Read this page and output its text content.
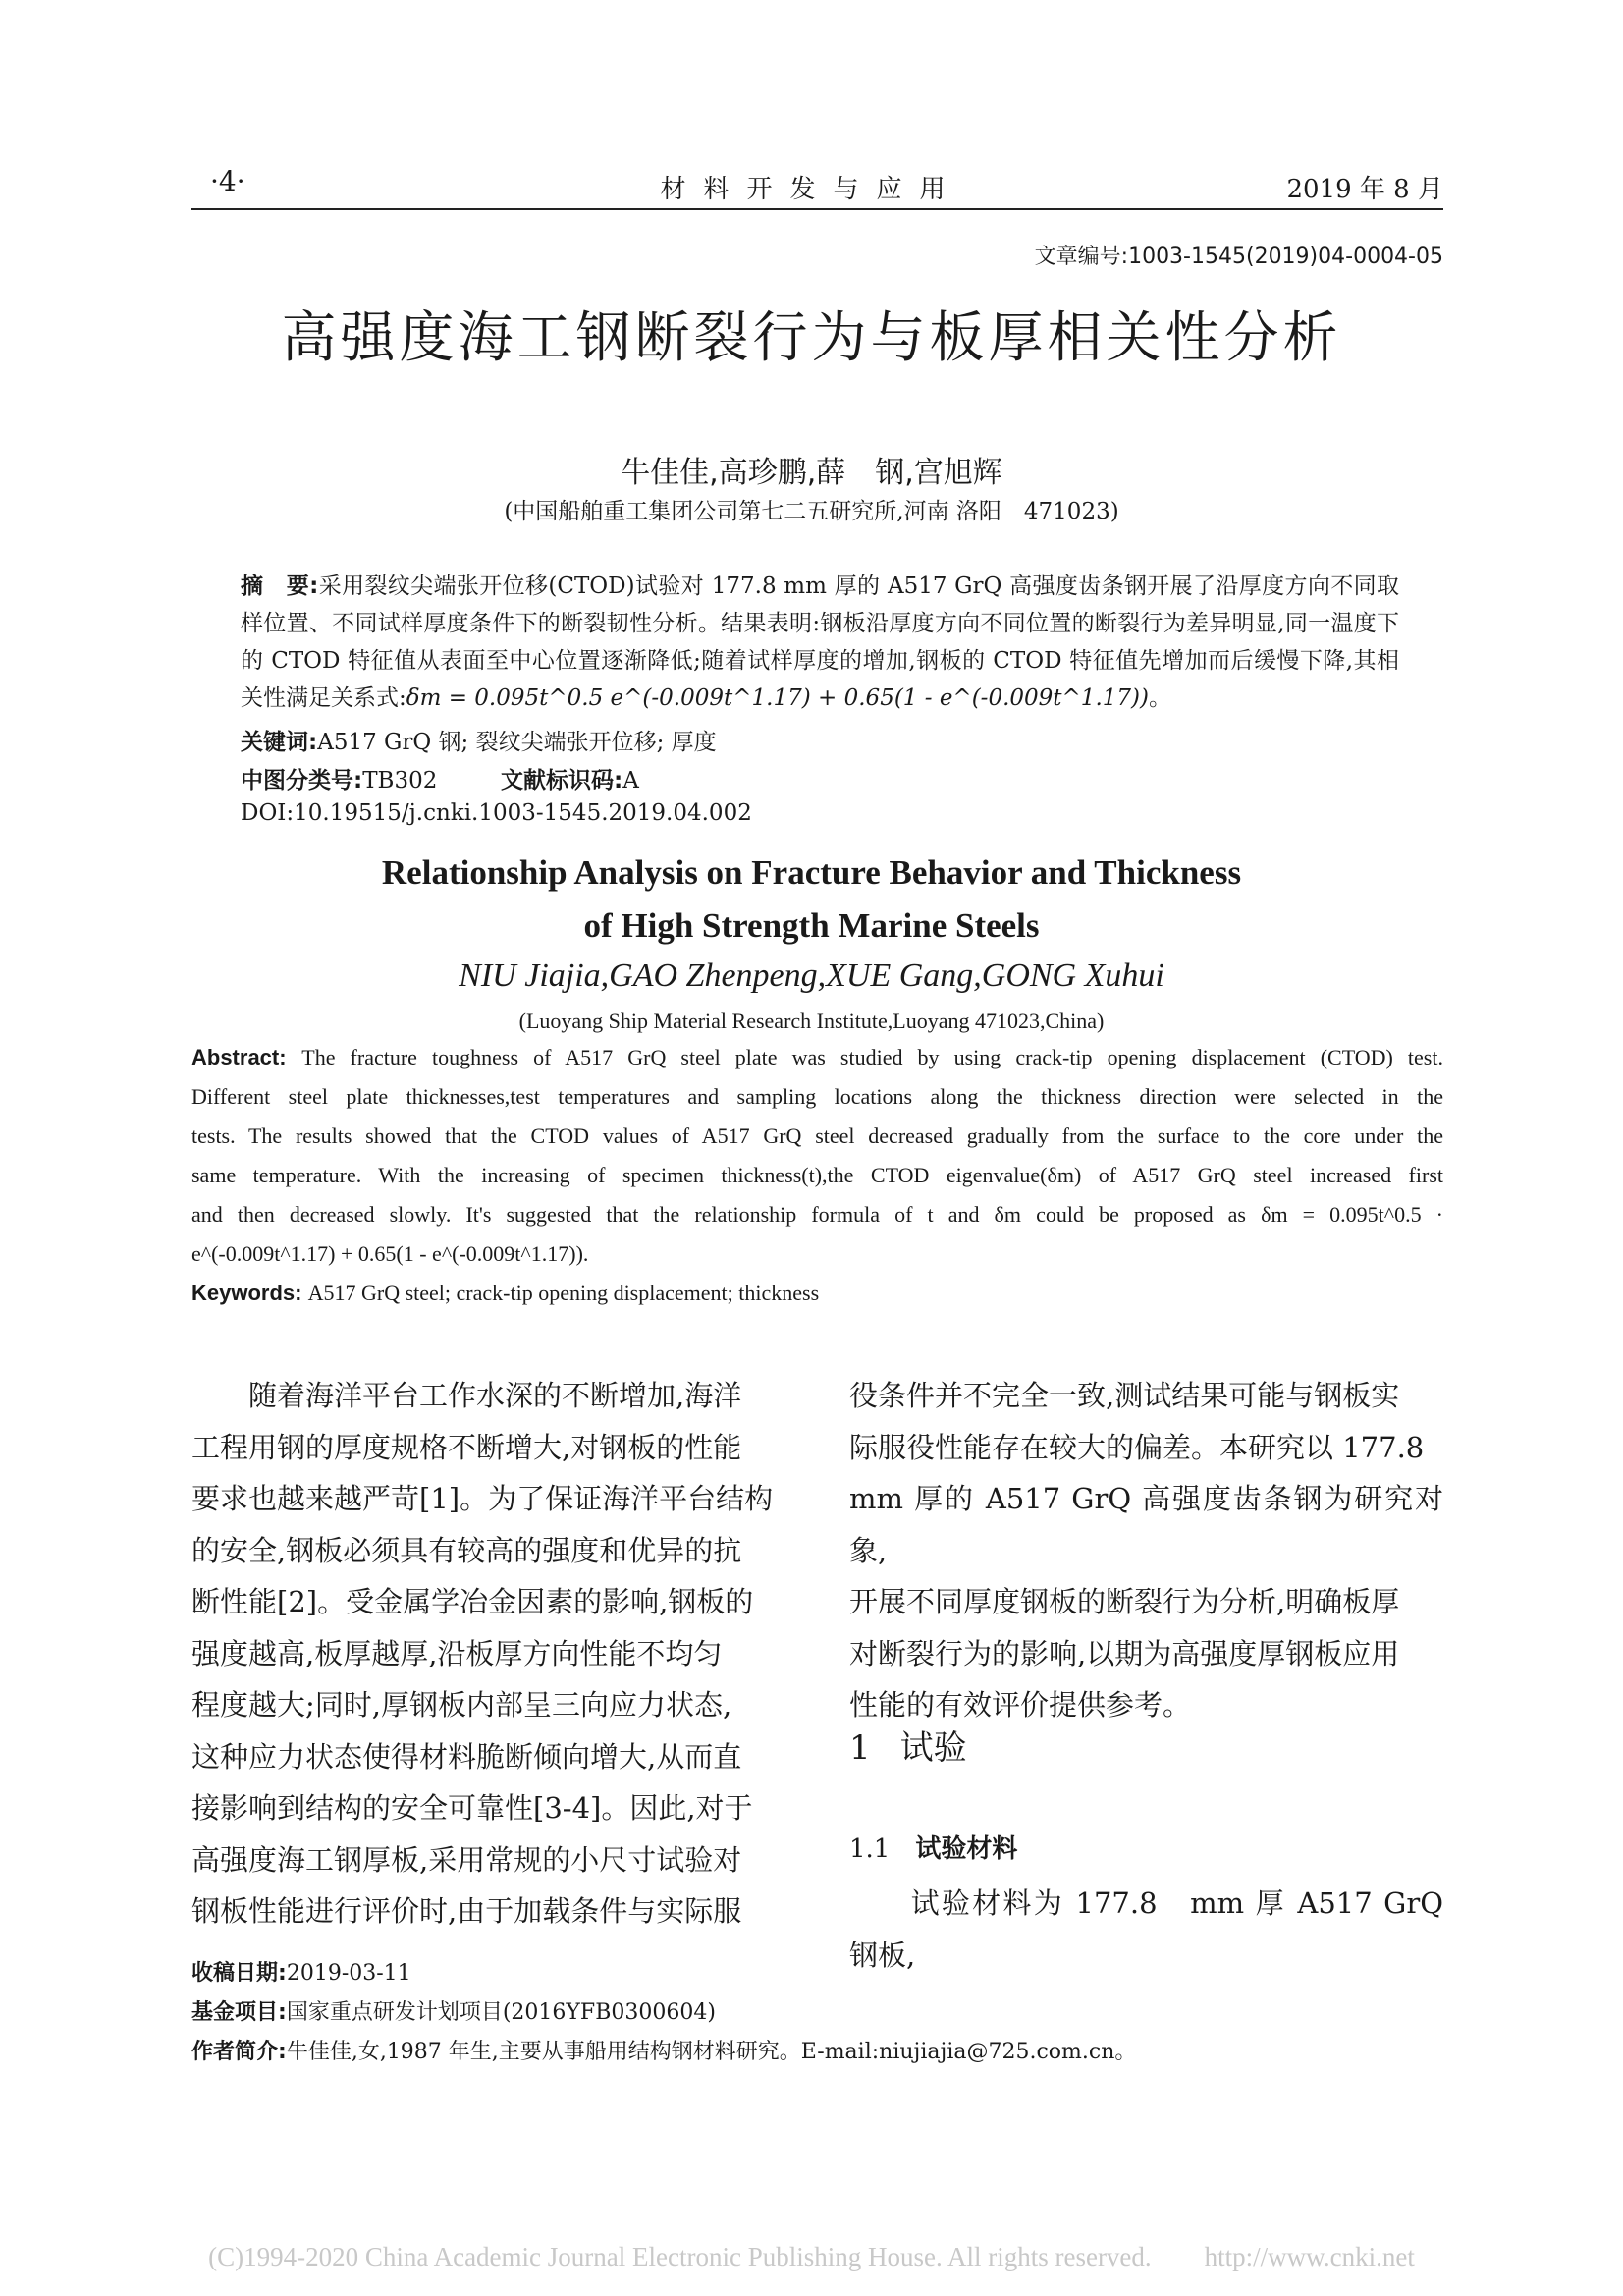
·4·	材料开发与应用	2019 年 8 月
文章编号:1003-1545(2019)04-0004-05
高强度海工钢断裂行为与板厚相关性分析
牛佳佳,高珍鹏,薛　钢,宫旭辉
(中国船舶重工集团公司第七二五研究所,河南 洛阳　471023)
摘　要:采用裂纹尖端张开位移(CTOD)试验对 177.8 mm 厚的 A517 GrQ 高强度齿条钢开展了沿厚度方向不同取样位置、不同试样厚度条件下的断裂韧性分析。结果表明:钢板沿厚度方向不同位置的断裂行为差异明显,同一温度下的 CTOD 特征值从表面至中心位置逐渐降低;随着试样厚度的增加,钢板的 CTOD 特征值先增加而后缓慢下降,其相关性满足关系式:δm = 0.095t^0.5 e^(-0.009t^1.17) + 0.65(1 - e^(-0.009t^1.17))。
关键词:A517 GrQ 钢; 裂纹尖端张开位移; 厚度
中图分类号:TB302	文献标识码:A
DOI:10.19515/j.cnki.1003-1545.2019.04.002
Relationship Analysis on Fracture Behavior and Thickness
of High Strength Marine Steels
NIU Jiajia,GAO Zhenpeng,XUE Gang,GONG Xuhui
(Luoyang Ship Material Research Institute,Luoyang 471023,China)
Abstract: The fracture toughness of A517 GrQ steel plate was studied by using crack-tip opening displacement (CTOD) test.
Different steel plate thicknesses,test temperatures and sampling locations along the thickness direction were selected in the
tests. The results showed that the CTOD values of A517 GrQ steel decreased gradually from the surface to the core under the
same temperature. With the increasing of specimen thickness(t),the CTOD eigenvalue(δm) of A517 GrQ steel increased first
and then decreased slowly. It's suggested that the relationship formula of t and δm could be proposed as δm = 0.095t^0.5 ·
e^(-0.009t^1.17) + 0.65(1 - e^(-0.009t^1.17)).
Keywords: A517 GrQ steel; crack-tip opening displacement; thickness
　　随着海洋平台工作水深的不断增加,海洋
工程用钢的厚度规格不断增大,对钢板的性能
要求也越来越严苛[1]。为了保证海洋平台结构
的安全,钢板必须具有较高的强度和优异的抗
断性能[2]。受金属学冶金因素的影响,钢板的
强度越高,板厚越厚,沿板厚方向性能不均匀
程度越大;同时,厚钢板内部呈三向应力状态,
这种应力状态使得材料脆断倾向增大,从而直
接影响到结构的安全可靠性[3-4]。因此,对于
高强度海工钢厚板,采用常规的小尺寸试验对
钢板性能进行评价时,由于加载条件与实际服
役条件并不完全一致,测试结果可能与钢板实
际服役性能存在较大的偏差。本研究以 177.8
mm 厚的 A517 GrQ 高强度齿条钢为研究对象,
开展不同厚度钢板的断裂行为分析,明确板厚
对断裂行为的影响,以期为高强度厚钢板应用
性能的有效评价提供参考。
1 试验
1.1 试验材料
　　试验材料为 177.8　mm 厚 A517 GrQ 钢板,
收稿日期:2019-03-11
基金项目:国家重点研发计划项目(2016YFB0300604)
作者简介:牛佳佳,女,1987 年生,主要从事船用结构钢材料研究。E-mail:niujiajia@725.com.cn。
(C)1994-2020 China Academic Journal Electronic Publishing House. All rights reserved.　　http://www.cnki.net
